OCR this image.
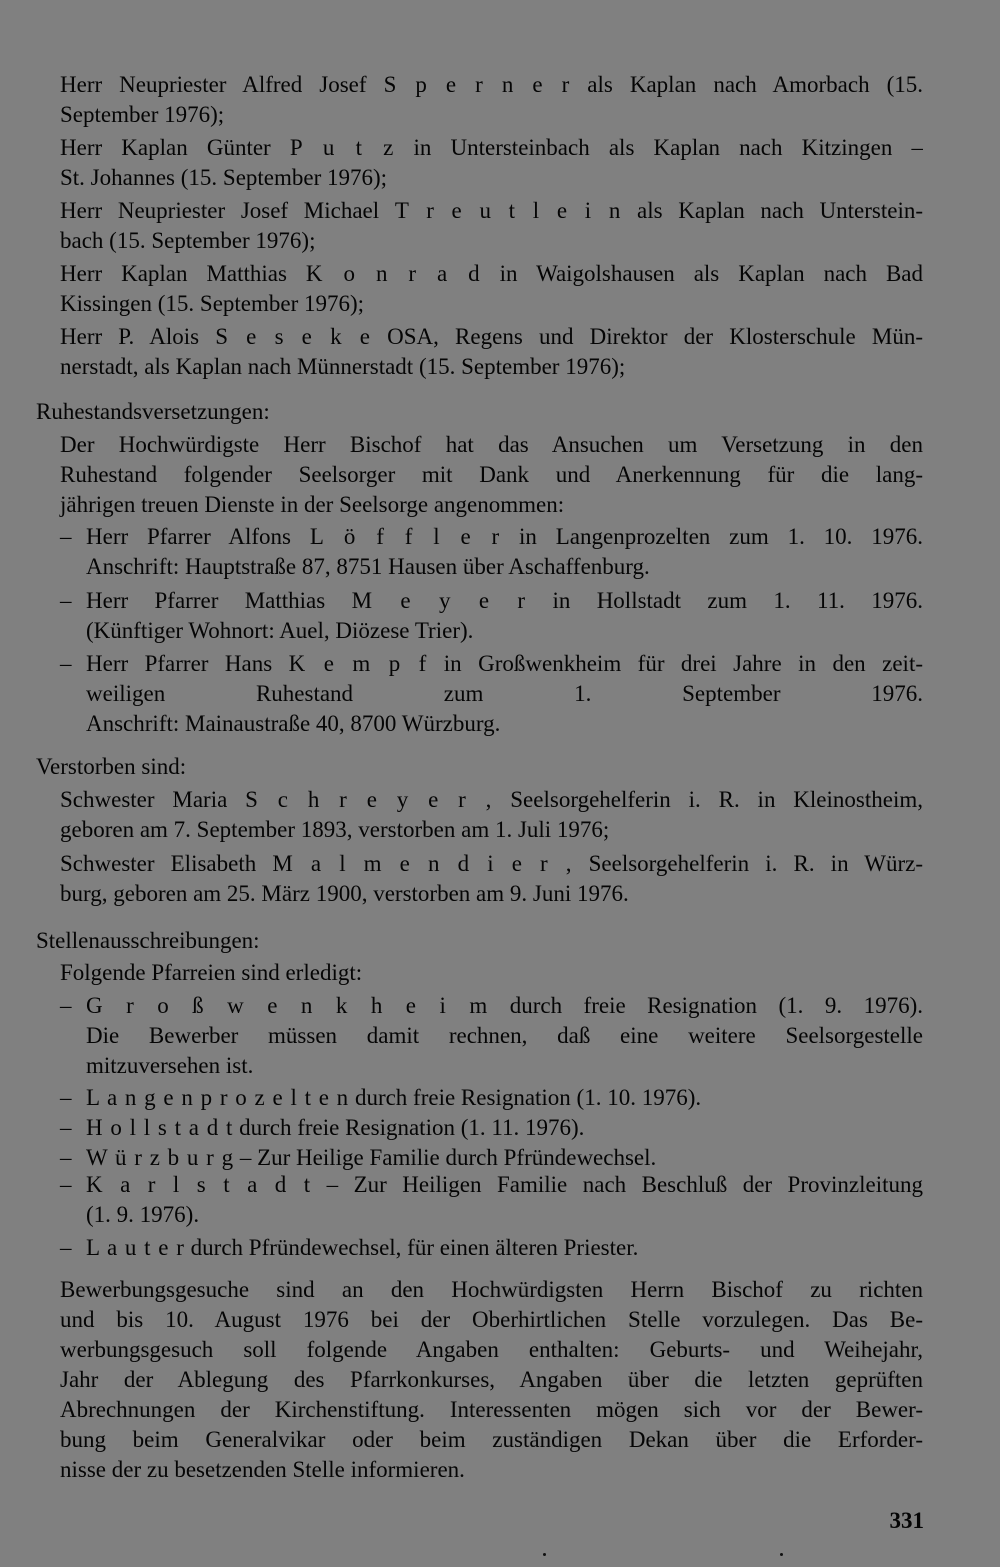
Herr Neupriester Alfred Josef S p e r n e r als Kaplan nach Amorbach (15.
September 1976);
Herr Kaplan Günter P u t z in Untersteinbach als Kaplan nach Kitzingen –
St. Johannes (15. September 1976);
Herr Neupriester Josef Michael T r e u t l e i n als Kaplan nach Unterstein-
bach (15. September 1976);
Herr Kaplan Matthias K o n r a d in Waigolshausen als Kaplan nach Bad
Kissingen (15. September 1976);
Herr P. Alois S e s e k e OSA, Regens und Direktor der Klosterschule Mün-
nerstadt, als Kaplan nach Münnerstadt (15. September 1976);
Ruhestandsversetzungen:
Der Hochwürdigste Herr Bischof hat das Ansuchen um Versetzung in den
Ruhestand folgender Seelsorger mit Dank und Anerkennung für die lang-
jährigen treuen Dienste in der Seelsorge angenommen:
– Herr Pfarrer Alfons L ö f f l e r in Langenprozelten zum 1. 10. 1976.
Anschrift: Hauptstraße 87, 8751 Hausen über Aschaffenburg.
– Herr Pfarrer Matthias M e y e r in Hollstadt zum 1. 11. 1976.
(Künftiger Wohnort: Auel, Diözese Trier).
– Herr Pfarrer Hans K e m p f in Großwenkheim für drei Jahre in den zeit-
weiligen Ruhestand zum 1. September 1976.
Anschrift: Mainaustraße 40, 8700 Würzburg.
Verstorben sind:
Schwester Maria S c h r e y e r , Seelsorgehelferin i. R. in Kleinostheim,
geboren am 7. September 1893, verstorben am 1. Juli 1976;
Schwester Elisabeth M a l m e n d i e r , Seelsorgehelferin i. R. in Würz-
burg, geboren am 25. März 1900, verstorben am 9. Juni 1976.
Stellenausschreibungen:
Folgende Pfarreien sind erledigt:
– G r o ß w e n k h e i m durch freie Resignation (1. 9. 1976).
Die Bewerber müssen damit rechnen, daß eine weitere Seelsorgestelle
mitzuversehen ist.
– L a n g e n p r o z e l t e n durch freie Resignation (1. 10. 1976).
– H o l l s t a d t durch freie Resignation (1. 11. 1976).
– W ü r z b u r g – Zur Heilige Familie durch Pfründewechsel.
– K a r l s t a d t – Zur Heiligen Familie nach Beschluß der Provinzleitung
(1. 9. 1976).
– L a u t e r durch Pfründewechsel, für einen älteren Priester.
Bewerbungsgesuche sind an den Hochwürdigsten Herrn Bischof zu richten
und bis 10. August 1976 bei der Oberhirtlichen Stelle vorzulegen. Das Be-
werbungsgesuch soll folgende Angaben enthalten: Geburts- und Weihejahr,
Jahr der Ablegung des Pfarrkonkurses, Angaben über die letzten geprüften
Abrechnungen der Kirchenstiftung. Interessenten mögen sich vor der Bewer-
bung beim Generalvikar oder beim zuständigen Dekan über die Erforder-
nisse der zu besetzenden Stelle informieren.
331
